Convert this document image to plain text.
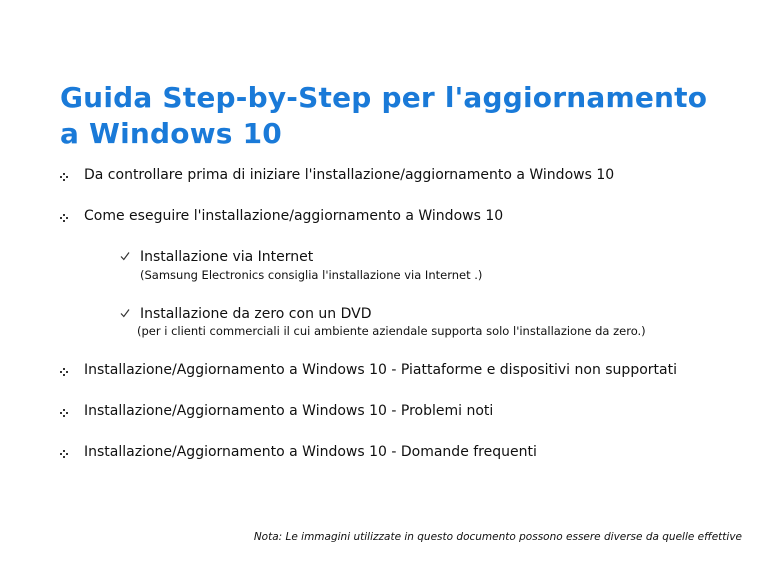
Guida Step-by-Step per l'aggiornamento a Windows 10
Da controllare prima di iniziare l'installazione/aggiornamento a Windows 10
Come eseguire l'installazione/aggiornamento a Windows 10
Installazione via Internet
(Samsung Electronics consiglia l'installazione via Internet .)
Installazione da zero con un DVD
(per i clienti commerciali il cui ambiente aziendale supporta solo l'installazione da zero.)
Installazione/Aggiornamento a Windows 10 - Piattaforme e dispositivi non supportati
Installazione/Aggiornamento a Windows 10 - Problemi noti
Installazione/Aggiornamento a Windows 10 - Domande frequenti
Nota: Le immagini utilizzate in questo documento possono essere diverse da quelle effettive
